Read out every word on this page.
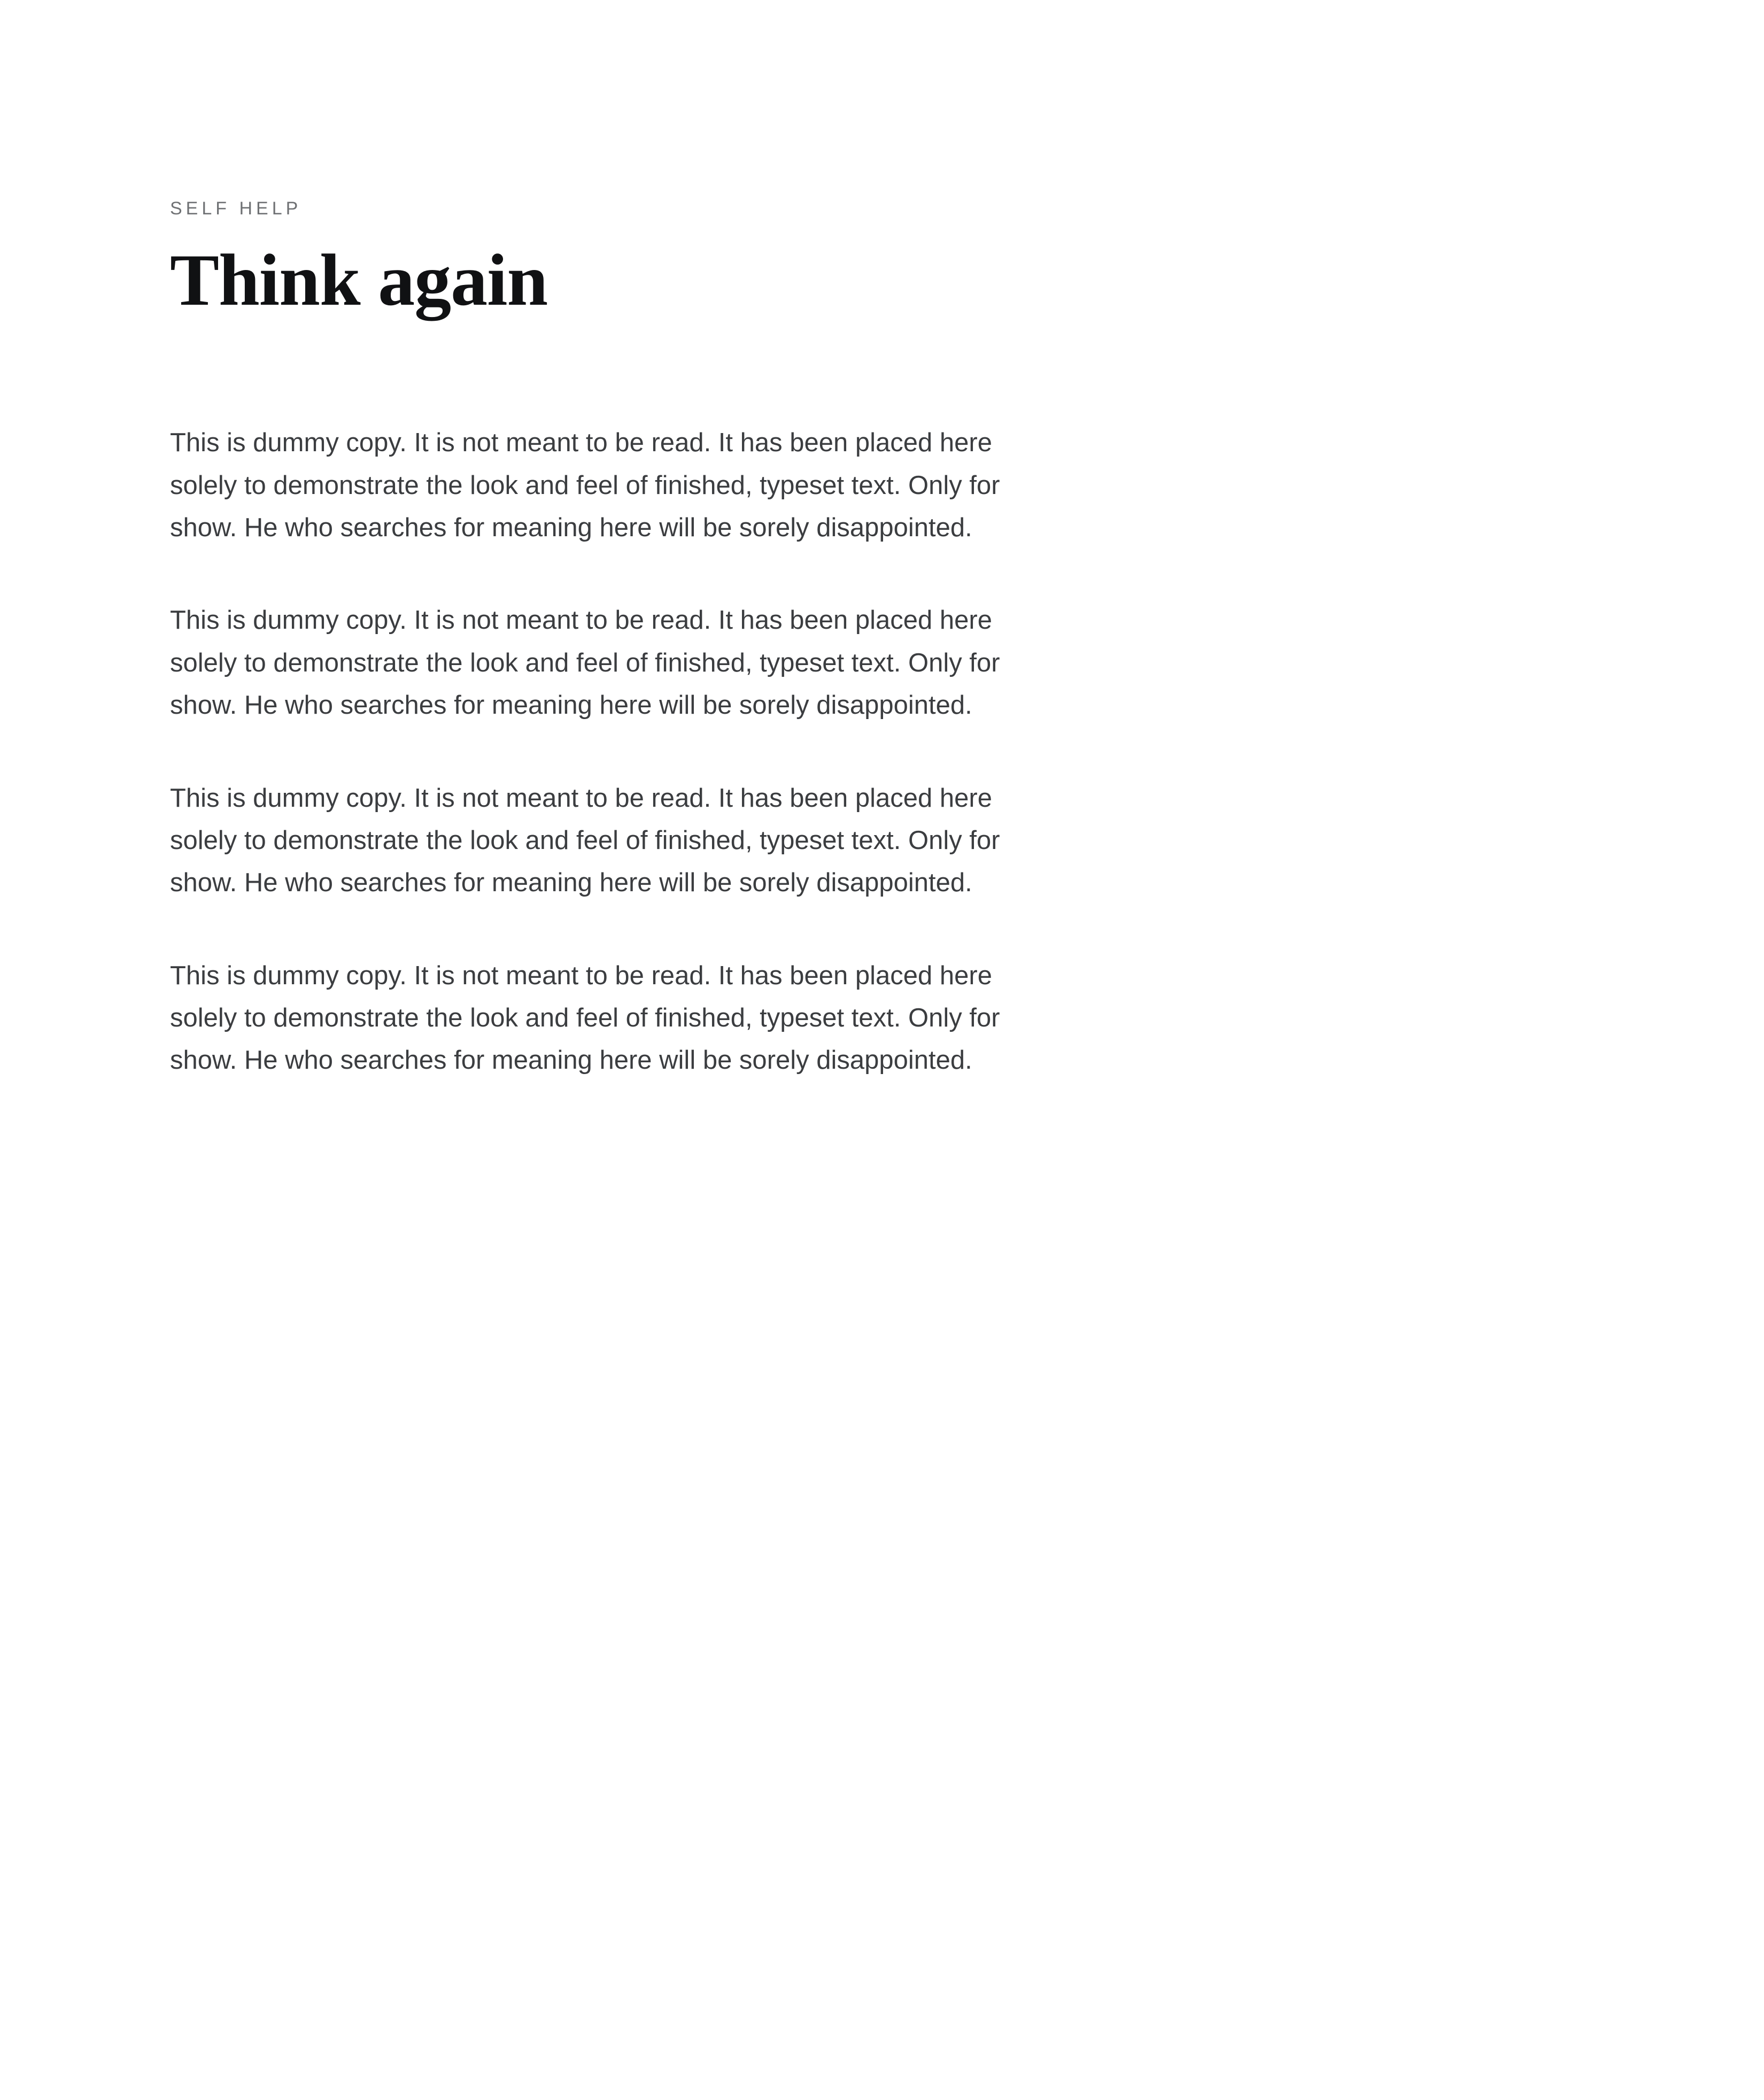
SELF HELP
Think again

This is dummy copy. It is not meant to be read. It has been placed here solely to demonstrate the look and feel of finished, typeset text. Only for show. He who searches for meaning here will be sorely disappointed.

This is dummy copy. It is not meant to be read. It has been placed here solely to demonstrate the look and feel of finished, typeset text. Only for show. He who searches for meaning here will be sorely disappointed.

This is dummy copy. It is not meant to be read. It has been placed here solely to demonstrate the look and feel of finished, typeset text. Only for show. He who searches for meaning here will be sorely disappointed.

This is dummy copy. It is not meant to be read. It has been placed here solely to demonstrate the look and feel of finished, typeset text. Only for show. He who searches for meaning here will be sorely disappointed.
